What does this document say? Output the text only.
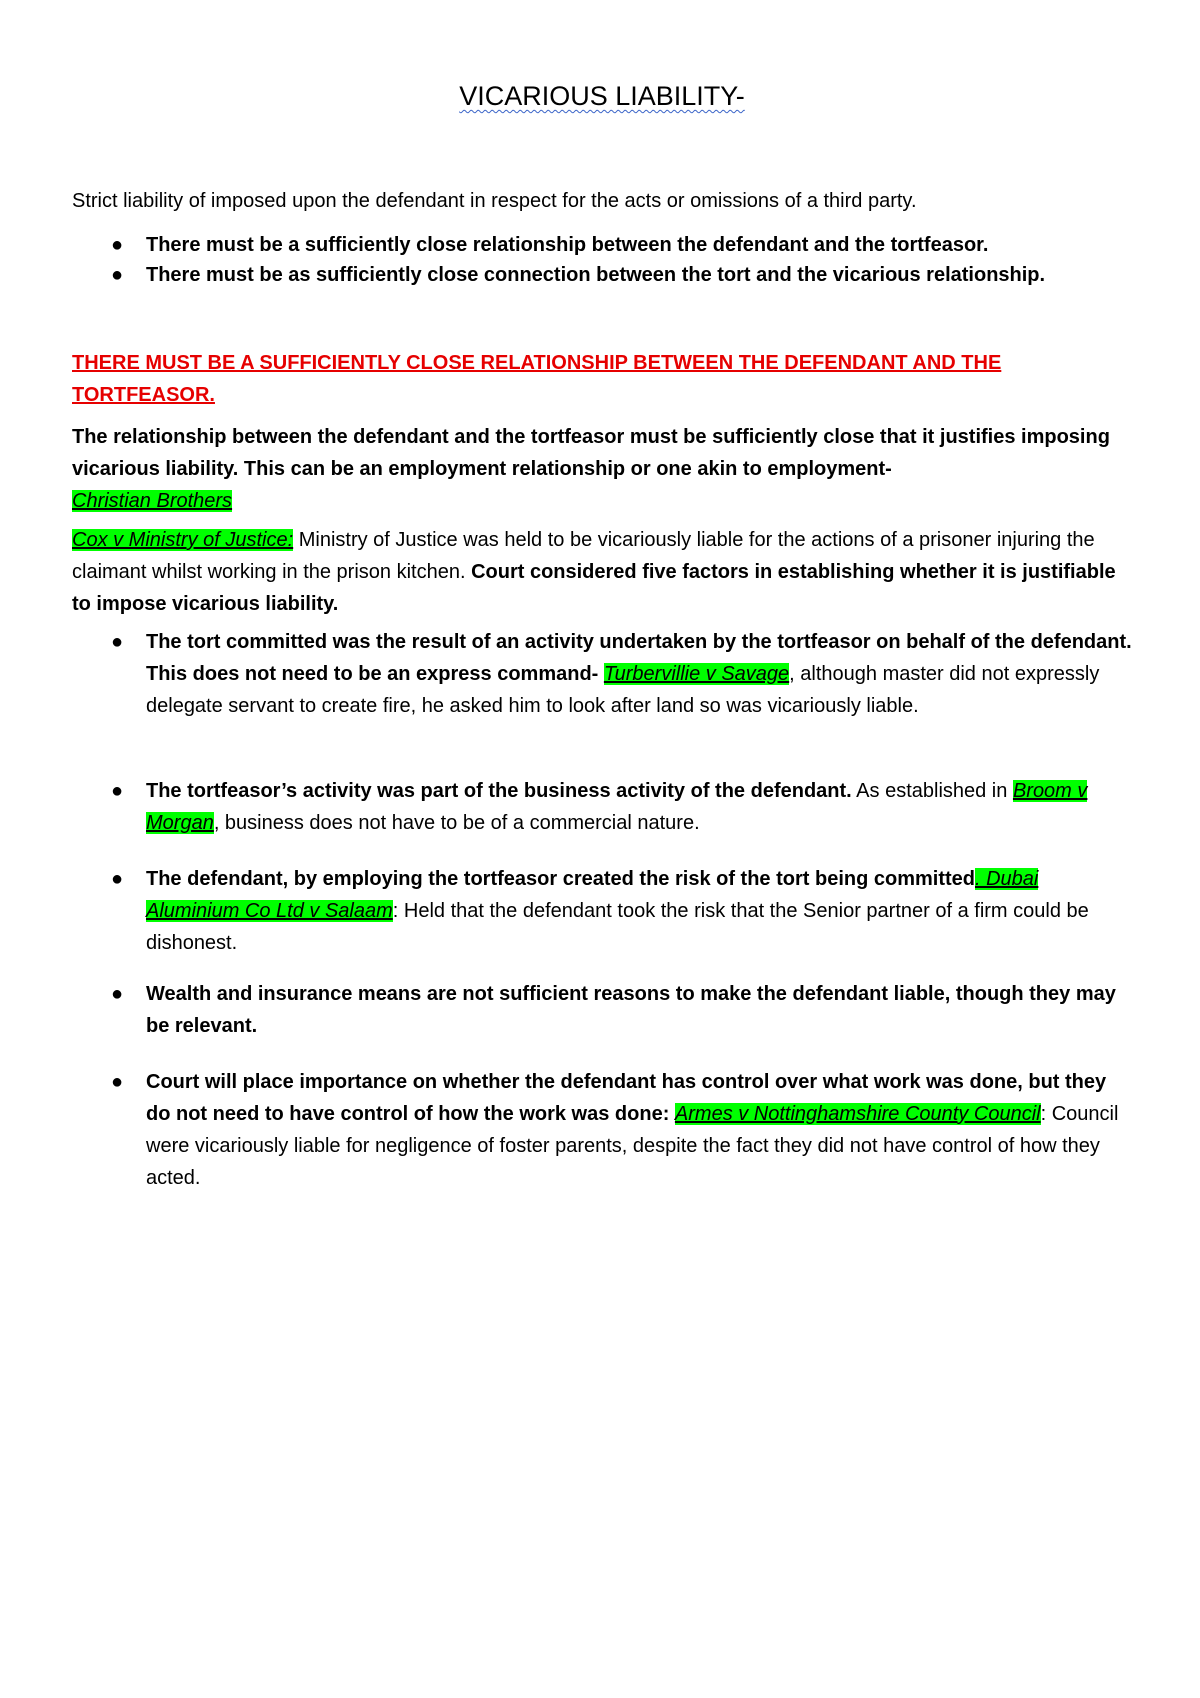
VICARIOUS LIABILITY-

Strict liability of imposed upon the defendant in respect for the acts or omissions of a third party.

● There must be a sufficiently close relationship between the defendant and the tortfeasor.
● There must be as sufficiently close connection between the tort and the vicarious relationship.

THERE MUST BE A SUFFICIENTLY CLOSE RELATIONSHIP BETWEEN THE DEFENDANT AND THE
TORTFEASOR.

The relationship between the defendant and the tortfeasor must be sufficiently close that it justifies imposing vicarious liability. This can be an employment relationship or one akin to employment-
Christian Brothers

Cox v Ministry of Justice: Ministry of Justice was held to be vicariously liable for the actions of a prisoner injuring the claimant whilst working in the prison kitchen. Court considered five factors in establishing whether it is justifiable to impose vicarious liability.

● The tort committed was the result of an activity undertaken by the tortfeasor on behalf of the defendant. This does not need to be an express command- Turbervillie v Savage, although master did not expressly delegate servant to create fire, he asked him to look after land so was vicariously liable.
● The tortfeasor’s activity was part of the business activity of the defendant. As established in Broom v Morgan, business does not have to be of a commercial nature.
● The defendant, by employing the tortfeasor created the risk of the tort being committed. Dubai Aluminium Co Ltd v Salaam: Held that the defendant took the risk that the Senior partner of a firm could be dishonest.
● Wealth and insurance means are not sufficient reasons to make the defendant liable, though they may be relevant.
● Court will place importance on whether the defendant has control over what work was done, but they do not need to have control of how the work was done: Armes v Nottinghamshire County Council: Council were vicariously liable for negligence of foster parents, despite the fact they did not have control of how they acted.
